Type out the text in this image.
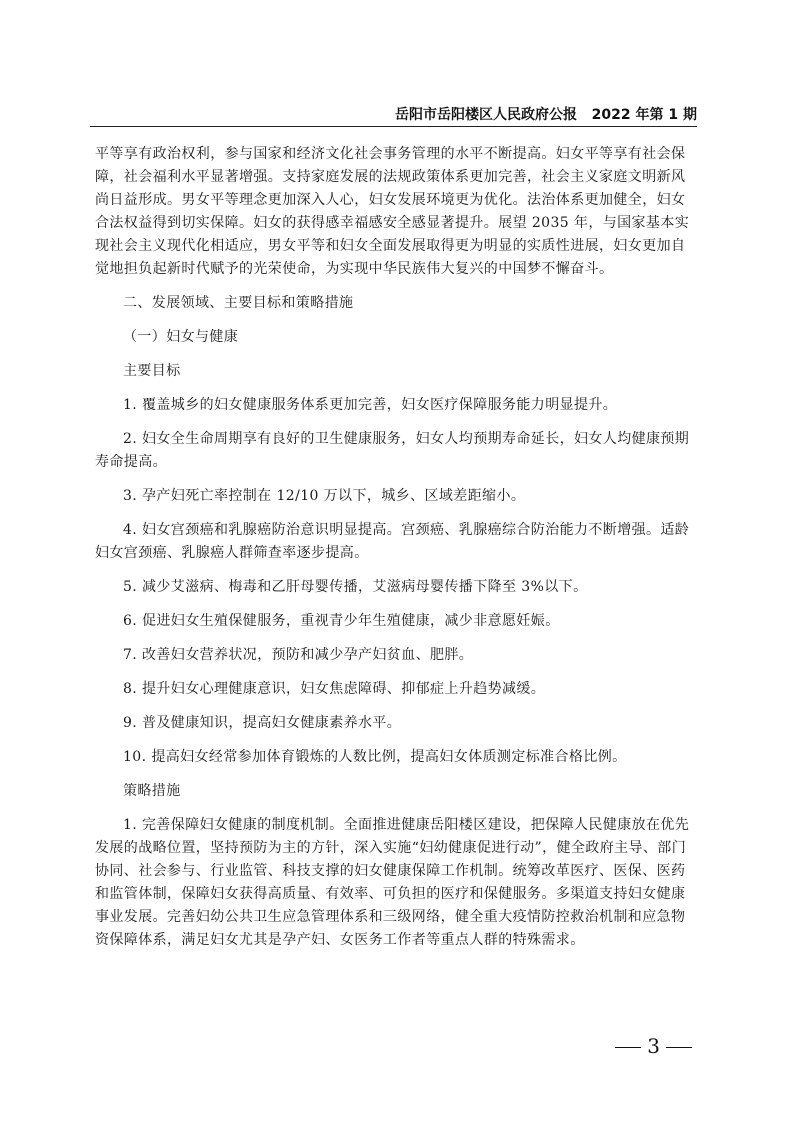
岳阳市岳阳楼区人民政府公报 2022 年第 1 期

平等享有政治权利，参与国家和经济文化社会事务管理的水平不断提高。妇女平等享有社会保障，社会福利水平显著增强。支持家庭发展的法规政策体系更加完善，社会主义家庭文明新风尚日益形成。男女平等理念更加深入人心，妇女发展环境更为优化。法治体系更加健全，妇女合法权益得到切实保障。妇女的获得感幸福感安全感显著提升。展望 2035 年，与国家基本实现社会主义现代化相适应，男女平等和妇女全面发展取得更为明显的实质性进展，妇女更加自觉地担负起新时代赋予的光荣使命，为实现中华民族伟大复兴的中国梦不懈奋斗。

二、发展领域、主要目标和策略措施

（一）妇女与健康

主要目标

1. 覆盖城乡的妇女健康服务体系更加完善，妇女医疗保障服务能力明显提升。

2. 妇女全生命周期享有良好的卫生健康服务，妇女人均预期寿命延长，妇女人均健康预期寿命提高。

3. 孕产妇死亡率控制在 12/10 万以下，城乡、区域差距缩小。

4. 妇女宫颈癌和乳腺癌防治意识明显提高。宫颈癌、乳腺癌综合防治能力不断增强。适龄妇女宫颈癌、乳腺癌人群筛查率逐步提高。

5. 减少艾滋病、梅毒和乙肝母婴传播，艾滋病母婴传播下降至 3%以下。

6. 促进妇女生殖保健服务，重视青少年生殖健康，减少非意愿妊娠。

7. 改善妇女营养状况，预防和减少孕产妇贫血、肥胖。

8. 提升妇女心理健康意识，妇女焦虑障碍、抑郁症上升趋势减缓。

9. 普及健康知识，提高妇女健康素养水平。

10. 提高妇女经常参加体育锻炼的人数比例，提高妇女体质测定标准合格比例。

策略措施

1. 完善保障妇女健康的制度机制。全面推进健康岳阳楼区建设，把保障人民健康放在优先发展的战略位置，坚持预防为主的方针，深入实施“妇幼健康促进行动”，健全政府主导、部门协同、社会参与、行业监管、科技支撑的妇女健康保障工作机制。统筹改革医疗、医保、医药和监管体制，保障妇女获得高质量、有效率、可负担的医疗和保健服务。多渠道支持妇女健康事业发展。完善妇幼公共卫生应急管理体系和三级网络，健全重大疫情防控救治机制和应急物资保障体系，满足妇女尤其是孕产妇、女医务工作者等重点人群的特殊需求。

3
